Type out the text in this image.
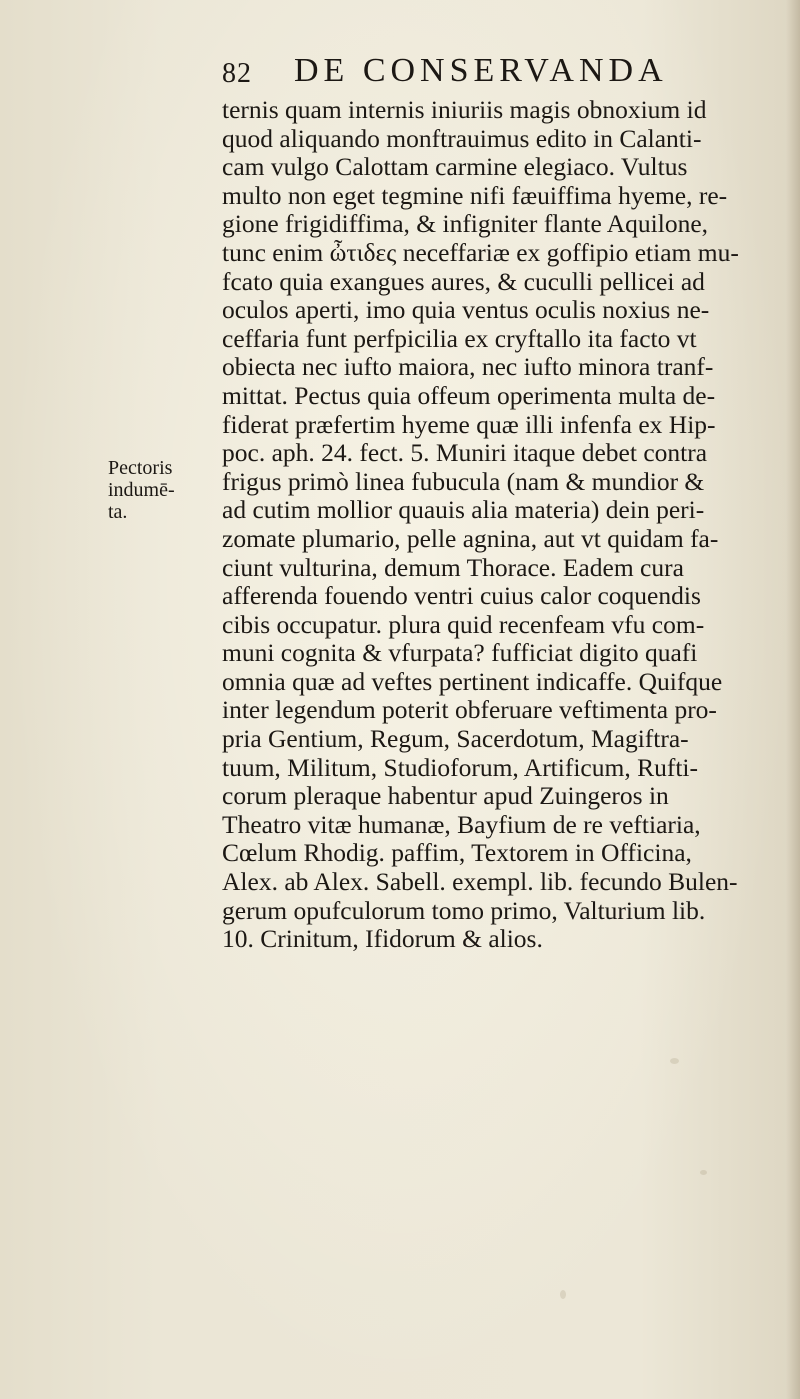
82 DE CONSERVANDA
Pectoris
indumē-
ta.
ternis quam internis iniuriis magis obnoxium id
quod aliquando monftrauimus edito in Calanti-
cam vulgo Calottam carmine elegiaco. Vultus
multo non eget tegmine nifi fæuiffima hyeme, re-
gione frigidiffima, & infigniter flante Aquilone,
tunc enim ὦτιδες neceffariæ ex goffipio etiam mu-
fcato quia exangues aures, & cuculli pellicei ad
oculos aperti, imo quia ventus oculis noxius ne-
ceffaria funt perfpicilia ex cryftallo ita facto vt
obiecta nec iufto maiora, nec iufto minora tranf-
mittat. Pectus quia offeum operimenta multa de-
fiderat præfertim hyeme quæ illi infenfa ex Hip-
poc. aph. 24. fect. 5. Muniri itaque debet contra
frigus primò linea fubucula (nam & mundior &
ad cutim mollior quauis alia materia) dein peri-
zomate plumario, pelle agnina, aut vt quidam fa-
ciunt vulturina, demum Thorace. Eadem cura
afferenda fouendo ventri cuius calor coquendis
cibis occupatur. plura quid recenfeam vfu com-
muni cognita & vfurpata? fufficiat digito quafi
omnia quæ ad veftes pertinent indicaffe. Quifque
inter legendum poterit obferuare veftimenta pro-
pria Gentium, Regum, Sacerdotum, Magiftra-
tuum, Militum, Studioforum, Artificum, Rufti-
corum pleraque habentur apud Zuingeros in
Theatro vitæ humanæ, Bayfium de re veftiaria,
Cœlum Rhodig. paffim, Textorem in Officina,
Alex. ab Alex. Sabell. exempl. lib. fecundo Bulen-
gerum opufculorum tomo primo, Valturium lib.
10. Crinitum, Ifidorum & alios.
